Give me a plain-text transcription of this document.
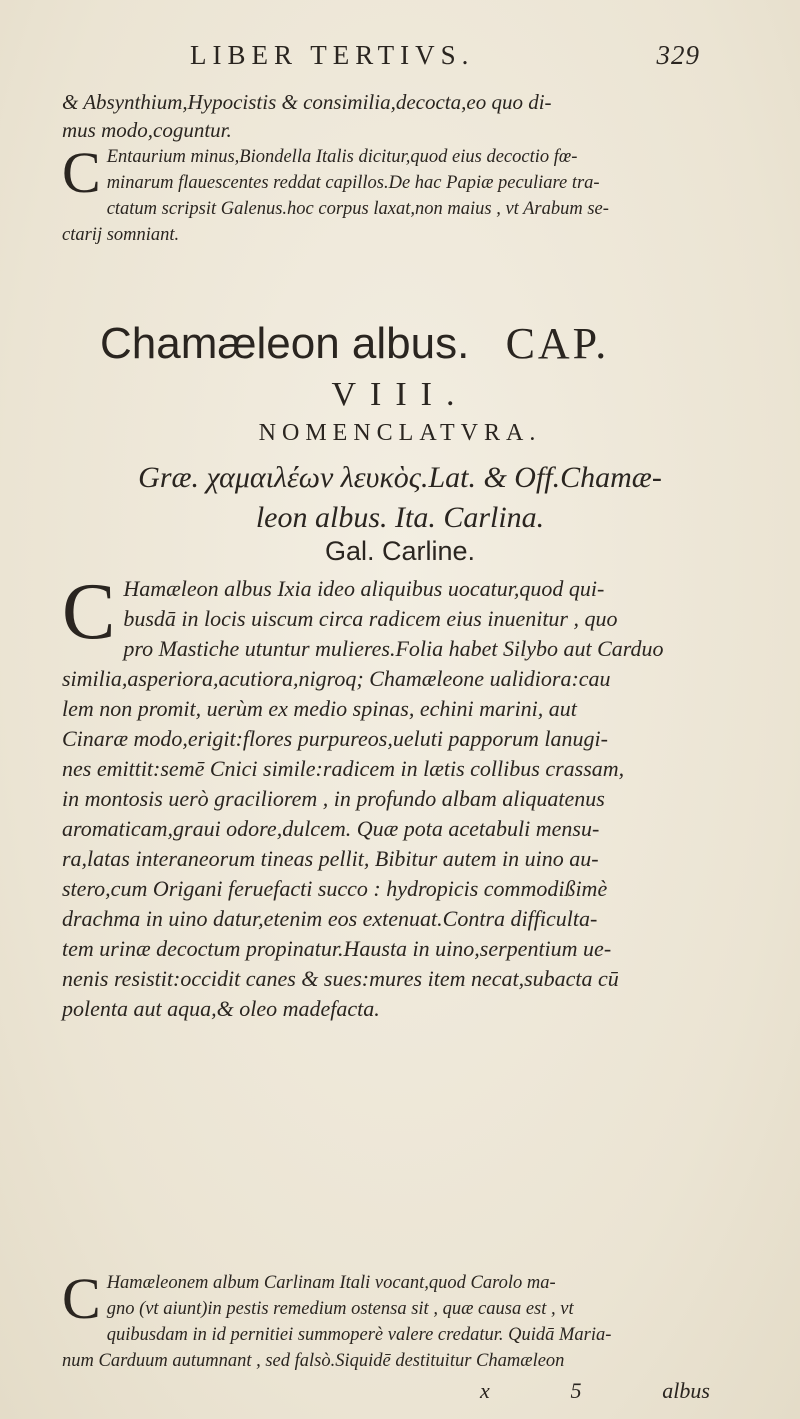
LIBER TERTIVS.	329

& Absynthium,Hypocistis & consimilia,decocta,eo quo di-
mus modo,coguntur.

C Entaurium minus,Biondella Italis dicitur,quod eius decoctio fœ-
minarum flauescentes reddat capillos.De hac Papiæ peculiare tra-
ctatum scripsit Galenus.hoc corpus laxat,non maius , vt Arabum se-
ctarij somniant.

Chamæleon albus. CAP.
VIII.
NOMENCLATVRA.
Græ. χαμαιλέων λευκὸς.Lat. & Off.Chamæ-
leon albus. Ita. Carlina.
Gal. Carline.
C Hamæleon albus Ixia ideo aliquibus uocatur,quod qui-
busdā in locis uiscum circa radicem eius inuenitur , quo
pro Mastiche utuntur mulieres.Folia habet Silybo aut Carduo
similia,asperiora,acutiora,nigroq; Chamæleone ualidiora:cau
lem non promit, uerùm ex medio spinas, echini marini, aut
Cinaræ modo,erigit:flores purpureos,ueluti papporum lanugi-
nes emittit:semē Cnici simile:radicem in lætis collibus crassam,
in montosis uerò graciliorem , in profundo albam aliquatenus
aromaticam,graui odore,dulcem. Quæ pota acetabuli mensu-
ra,latas interaneorum tineas pellit, Bibitur autem in uino au-
stero,cum Origani feruefacti succo : hydropicis commodißimè
drachma in uino datur,etenim eos extenuat.Contra difficulta-
tem urinæ decoctum propinatur.Hausta in uino,serpentium ue-
nenis resistit:occidit canes & sues:mures item necat,subacta cū
polenta aut aqua,& oleo madefacta.

C Hamæleonem album Carlinam Itali vocant,quod Carolo ma-
gno (vt aiunt)in pestis remedium ostensa sit , quæ causa est , vt
quibusdam in id pernitiei summoperè valere credatur. Quidā Maria-
num Carduum autumnant , sed falsò.Siquidē destituitur Chamæleon

x	5	albus
